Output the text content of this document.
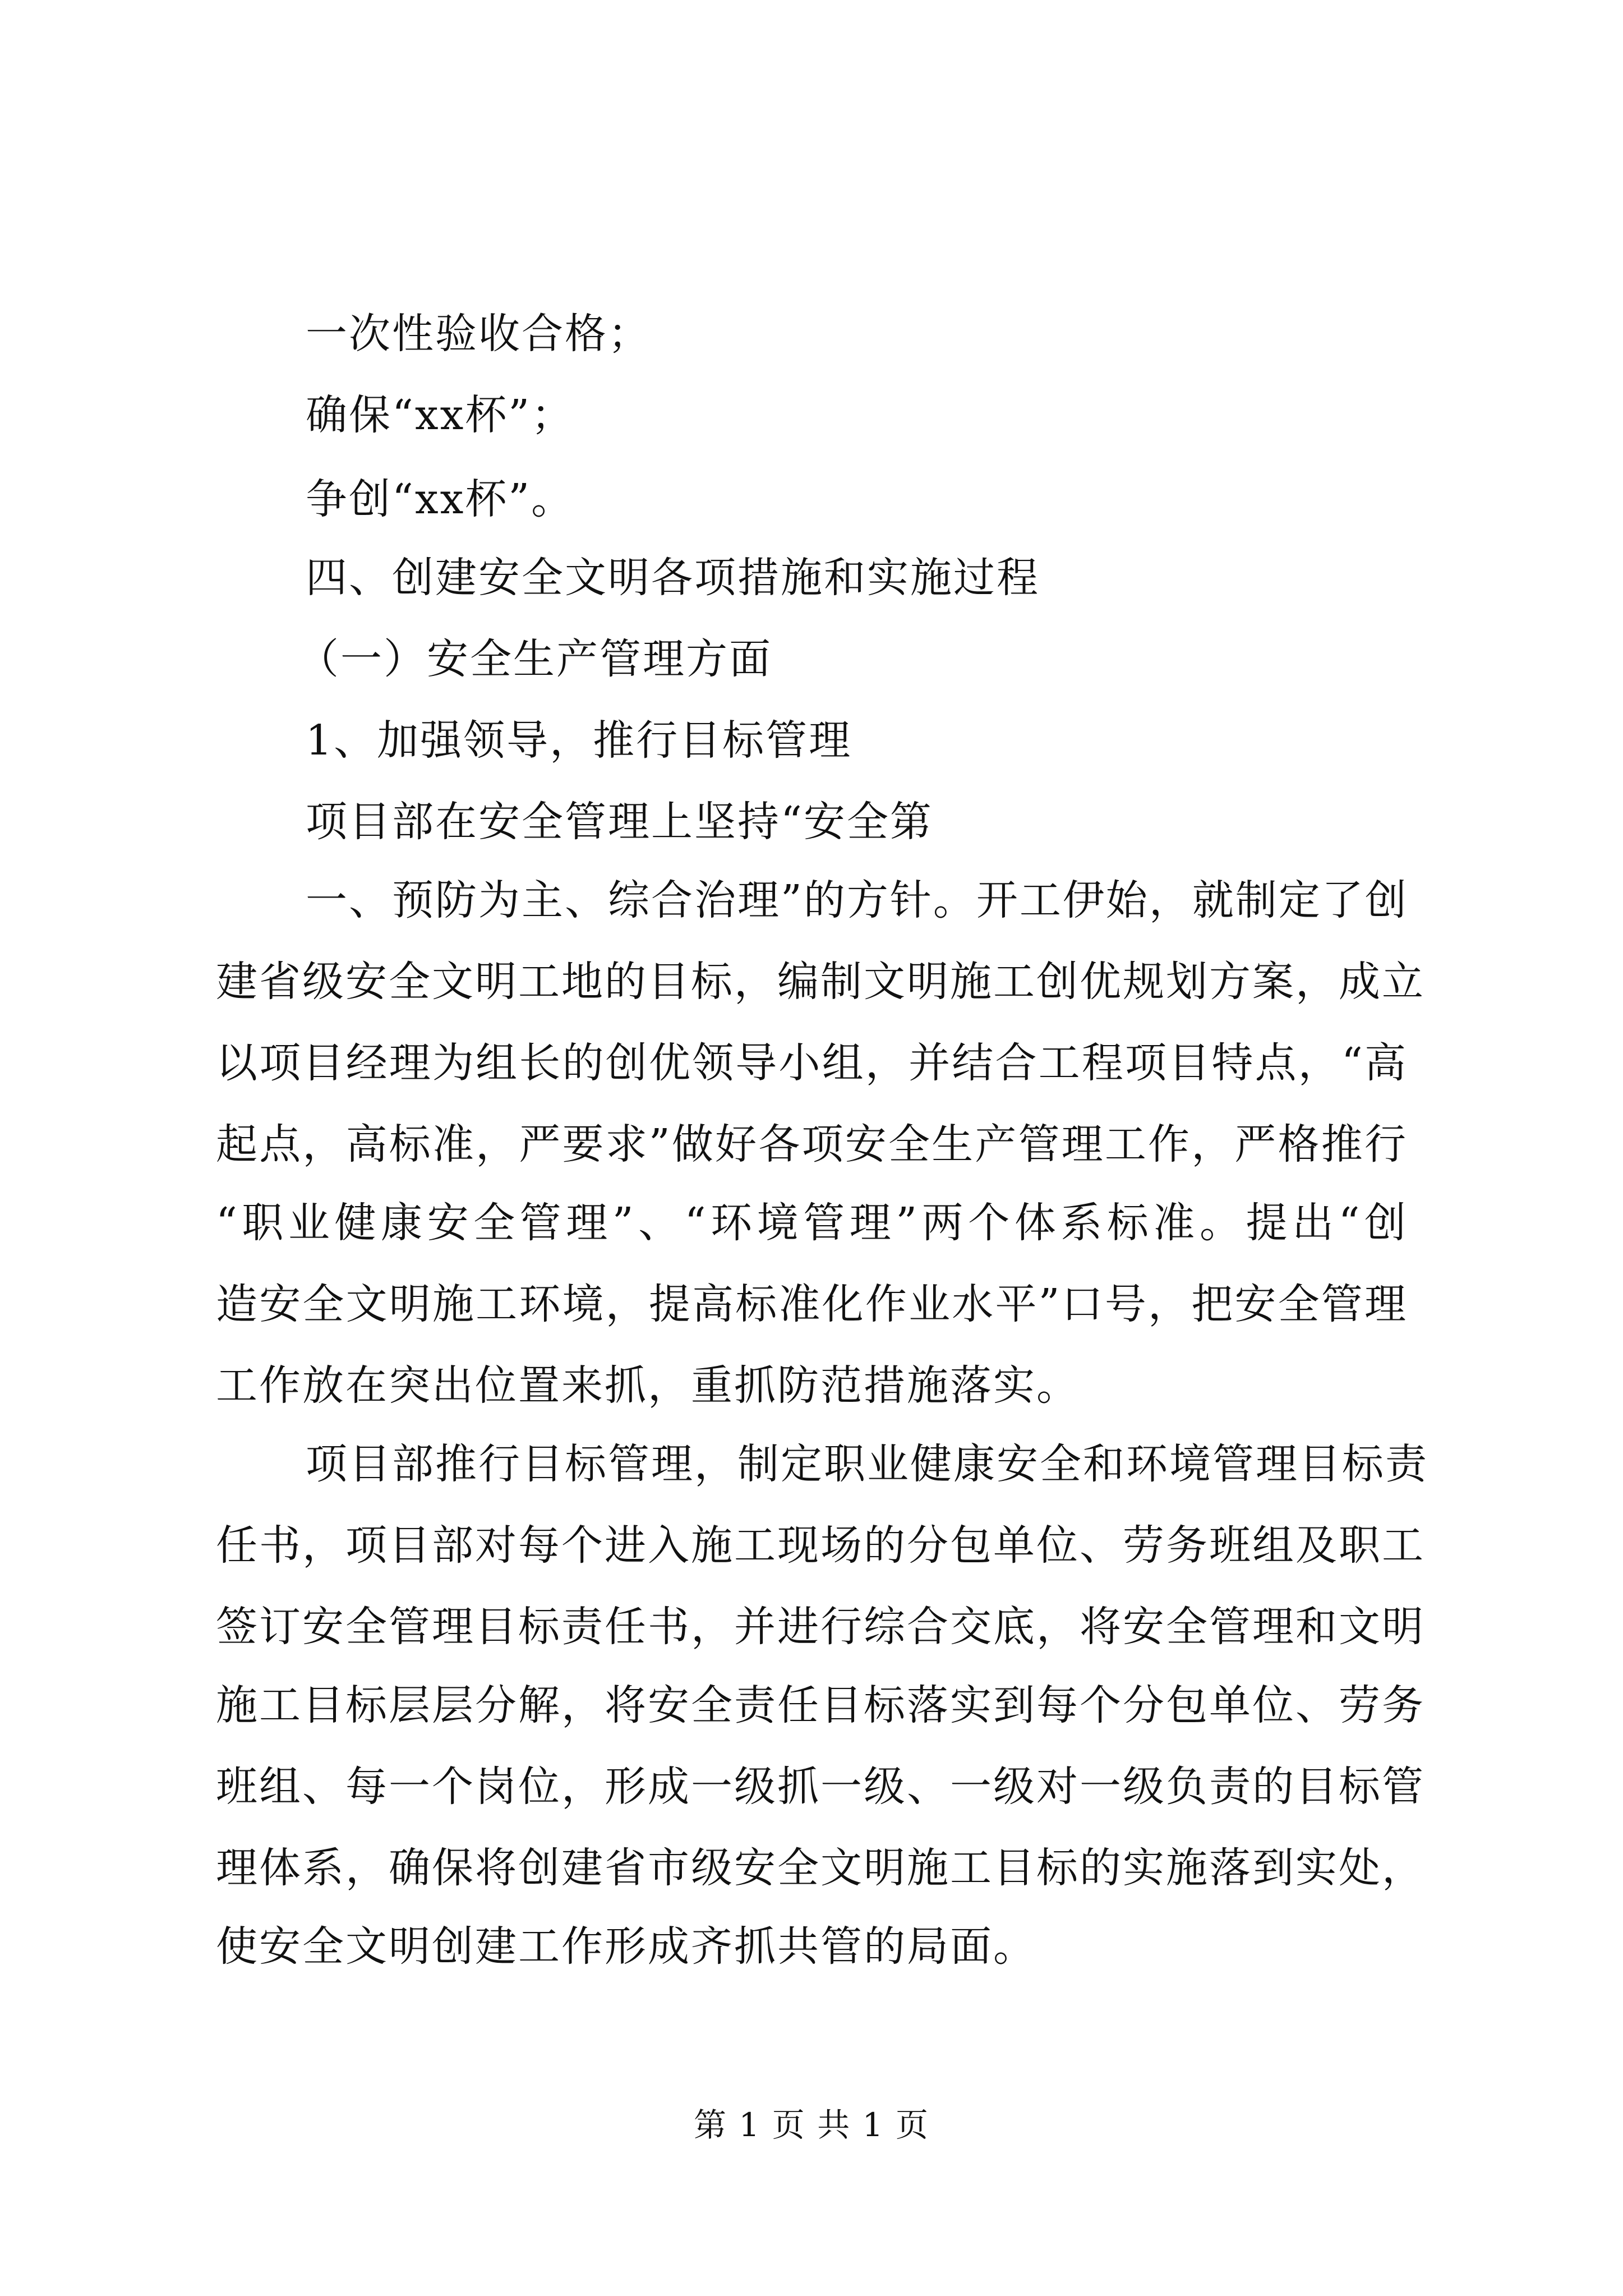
一次性验收合格；
确保“xx杯”；
争创“xx杯”。
四、创建安全文明各项措施和实施过程
（一）安全生产管理方面
1、加强领导，推行目标管理
项目部在安全管理上坚持“安全第
一、预防为主、综合治理”的方针。开工伊始，就制定了创
建省级安全文明工地的目标，编制文明施工创优规划方案，成立
以项目经理为组长的创优领导小组，并结合工程项目特点，“高
起点，高标准，严要求”做好各项安全生产管理工作，严格推行
“职业健康安全管理”、“环境管理”两个体系标准。提出“创
造安全文明施工环境，提高标准化作业水平”口号，把安全管理
工作放在突出位置来抓，重抓防范措施落实。
项目部推行目标管理，制定职业健康安全和环境管理目标责
任书，项目部对每个进入施工现场的分包单位、劳务班组及职工
签订安全管理目标责任书，并进行综合交底，将安全管理和文明
施工目标层层分解，将安全责任目标落实到每个分包单位、劳务
班组、每一个岗位，形成一级抓一级、一级对一级负责的目标管
理体系，确保将创建省市级安全文明施工目标的实施落到实处，
使安全文明创建工作形成齐抓共管的局面。
第 1 页 共 1 页
